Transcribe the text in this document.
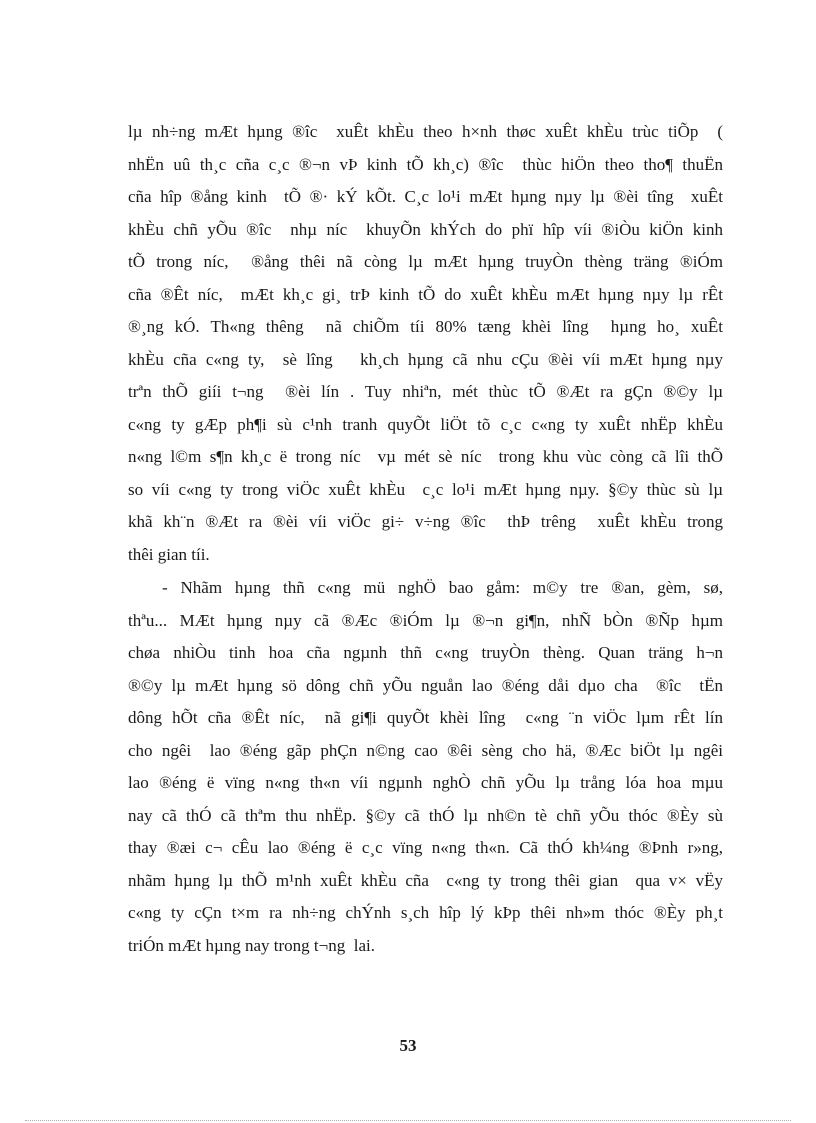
lµ nh÷ng mÆt hµng ®îc  xuÊt khÈu theo h×nh thøc xuÊt khÈu trùc tiÕp  (
nhËn uû th¸c cña c¸c ®¬n vÞ kinh tÕ kh¸c) ®îc  thùc hiÖn theo tho¶ thuËn
cña hîp ®ång kinh  tÕ ®· kÝ kÕt. C¸c lo¹i mÆt hµng nµy lµ ®èi tîng  xuÊt
khÈu chñ yÕu ®îc  nhµ níc  khuyÕn khÝch do phï hîp víi ®iÒu kiÖn kinh
tÕ trong níc,  ®ång thêi nã còng lµ mÆt hµng truyÒn thèng träng ®iÓm
cña ®Êt níc,  mÆt kh¸c gi¸ trÞ kinh tÕ do xuÊt khÈu mÆt hµng nµy lµ rÊt
®¸ng kÓ. Th«ng thêng  nã chiÕm tíi 80% tæng khèi lîng  hµng ho¸ xuÊt
khÈu cña c«ng ty,  sè lîng   kh¸ch hµng cã nhu cÇu ®èi víi mÆt hµng nµy
trªn thÕ giíi t¬ng  ®èi lín . Tuy nhiªn, mét thùc tÕ ®Æt ra gÇn ®©y lµ
c«ng ty gÆp ph¶i sù c¹nh tranh quyÕt liÖt tõ c¸c c«ng ty xuÊt nhËp khÈu
n«ng l©m s¶n kh¸c ë trong níc  vµ mét sè níc  trong khu vùc còng cã lîi thÕ
so víi c«ng ty trong viÖc xuÊt khÈu  c¸c lo¹i mÆt hµng nµy. §©y thùc sù lµ
khã kh¨n ®Æt ra ®èi víi viÖc gi÷ v÷ng ®îc  thÞ trêng  xuÊt khÈu trong
thêi gian tíi.
- Nhãm hµng thñ c«ng mü nghÖ bao gåm: m©y tre ®an, gèm, sø,
thªu... MÆt hµng nµy cã ®Æc ®iÓm lµ ®¬n gi¶n, nhÑ bÒn ®Ñp hµm
chøa nhiÒu tinh hoa cña ngµnh thñ c«ng truyÒn thèng. Quan träng h¬n
®©y lµ mÆt hµng sö dông chñ yÕu nguån lao ®éng dåi dµo cha  ®îc  tËn
dông hÕt cña ®Êt níc,  nã gi¶i quyÕt khèi lîng  c«ng ¨n viÖc lµm rÊt lín
cho ngêi  lao ®éng gãp phÇn n©ng cao ®êi sèng cho hä, ®Æc biÖt lµ ngêi
lao ®éng ë vïng n«ng th«n víi ngµnh nghÒ chñ yÕu lµ trång lóa hoa mµu
nay cã thÓ cã thªm thu nhËp. §©y cã thÓ lµ nh©n tè chñ yÕu thóc ®Èy sù
thay ®æi c¬ cÊu lao ®éng ë c¸c vïng n«ng th«n. Cã thÓ kh¼ng ®Þnh r»ng,
nhãm hµng lµ thÕ m¹nh xuÊt khÈu cña  c«ng ty trong thêi gian  qua v× vËy
c«ng ty cÇn t×m ra nh÷ng chÝnh s¸ch hîp lý kÞp thêi nh»m thóc ®Èy ph¸t
triÓn mÆt hµng nay trong t¬ng  lai.
53
